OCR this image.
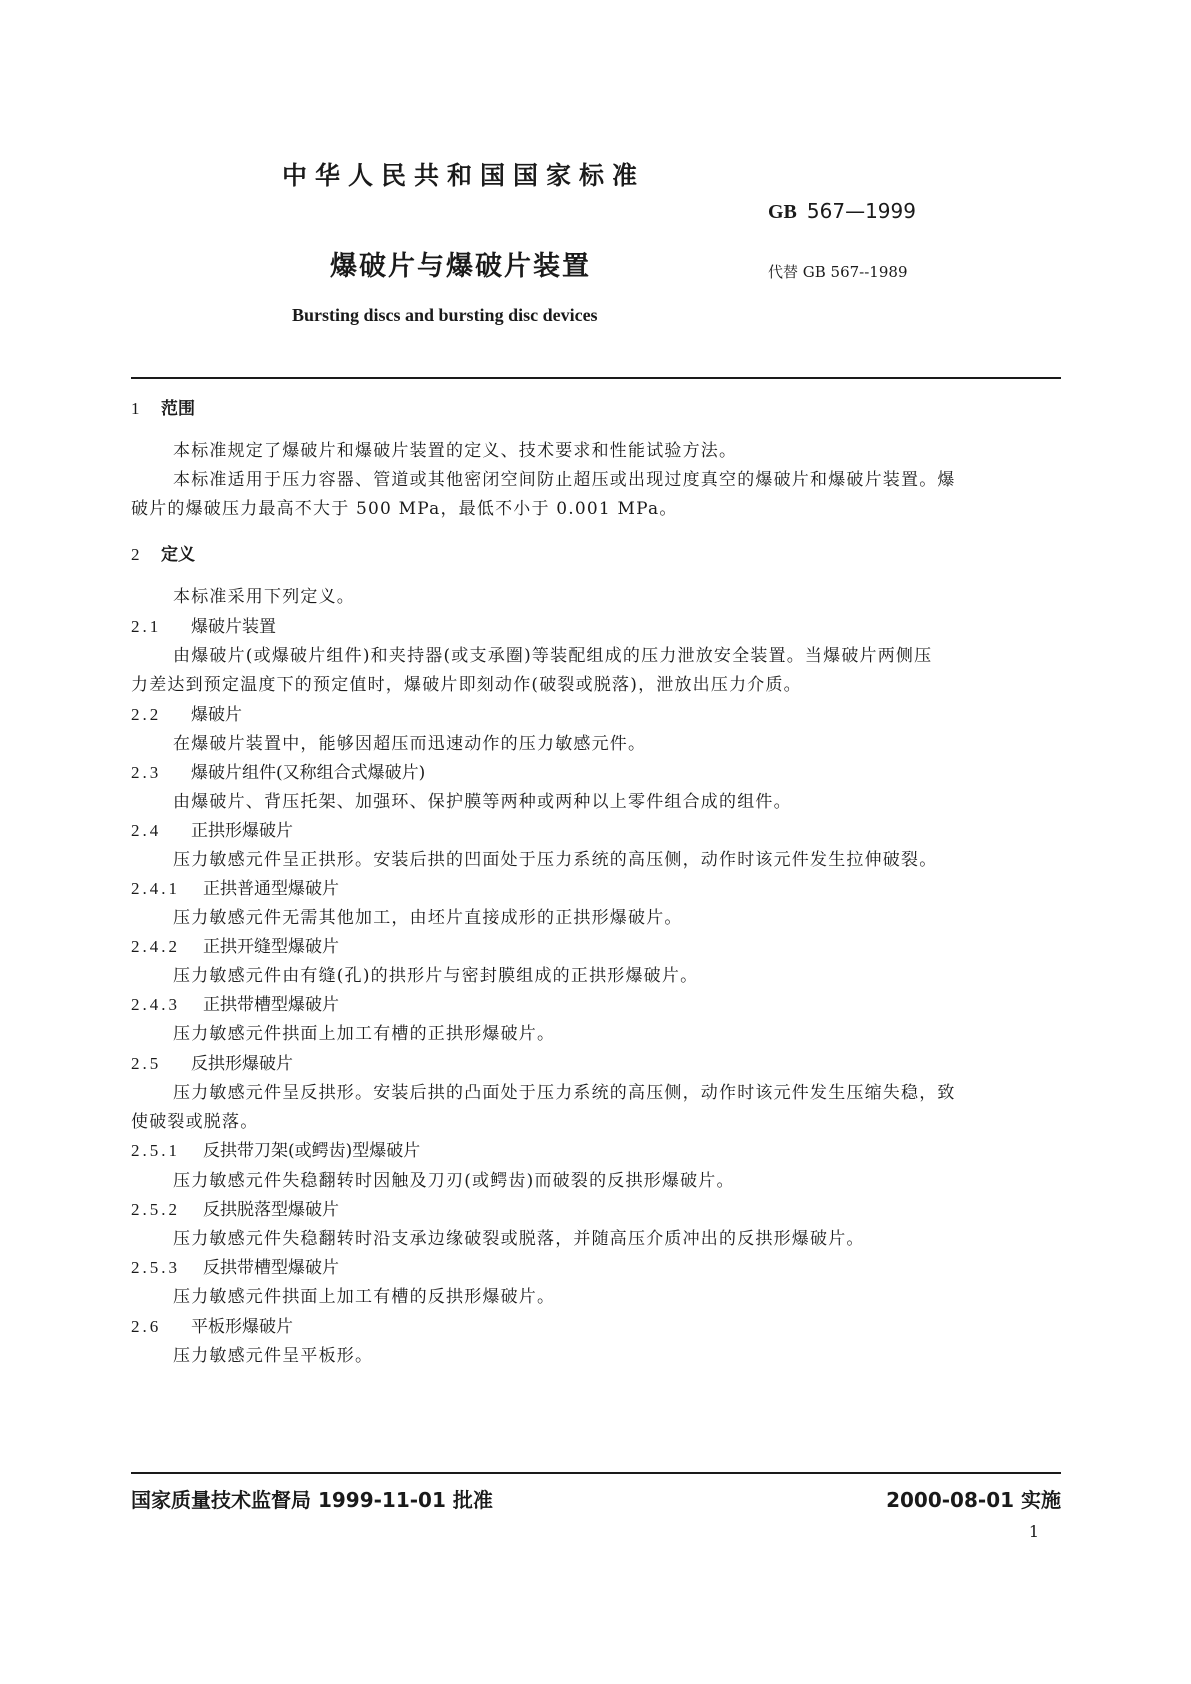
中华人民共和国国家标准
GB 567—1999
爆破片与爆破片装置	代替 GB 567--1989
Bursting discs and bursting disc devices
1 范围
本标准规定了爆破片和爆破片装置的定义、技术要求和性能试验方法。
本标准适用于压力容器、管道或其他密闭空间防止超压或出现过度真空的爆破片和爆破片装置。爆
破片的爆破压力最高不大于 500 MPa，最低不小于 0.001 MPa。
2 定义
本标准采用下列定义。
2.1 爆破片装置
由爆破片(或爆破片组件)和夹持器(或支承圈)等装配组成的压力泄放安全装置。当爆破片两侧压
力差达到预定温度下的预定值时，爆破片即刻动作(破裂或脱落)，泄放出压力介质。
2.2 爆破片
在爆破片装置中，能够因超压而迅速动作的压力敏感元件。
2.3 爆破片组件(又称组合式爆破片)
由爆破片、背压托架、加强环、保护膜等两种或两种以上零件组合成的组件。
2.4 正拱形爆破片
压力敏感元件呈正拱形。安装后拱的凹面处于压力系统的高压侧，动作时该元件发生拉伸破裂。
2.4.1 正拱普通型爆破片
压力敏感元件无需其他加工，由坯片直接成形的正拱形爆破片。
2.4.2 正拱开缝型爆破片
压力敏感元件由有缝(孔)的拱形片与密封膜组成的正拱形爆破片。
2.4.3 正拱带槽型爆破片
压力敏感元件拱面上加工有槽的正拱形爆破片。
2.5 反拱形爆破片
压力敏感元件呈反拱形。安装后拱的凸面处于压力系统的高压侧，动作时该元件发生压缩失稳，致
使破裂或脱落。
2.5.1 反拱带刀架(或鳄齿)型爆破片
压力敏感元件失稳翻转时因触及刀刃(或鳄齿)而破裂的反拱形爆破片。
2.5.2 反拱脱落型爆破片
压力敏感元件失稳翻转时沿支承边缘破裂或脱落，并随高压介质冲出的反拱形爆破片。
2.5.3 反拱带槽型爆破片
压力敏感元件拱面上加工有槽的反拱形爆破片。
2.6 平板形爆破片
压力敏感元件呈平板形。
国家质量技术监督局 1999-11-01 批准	2000-08-01 实施
1
